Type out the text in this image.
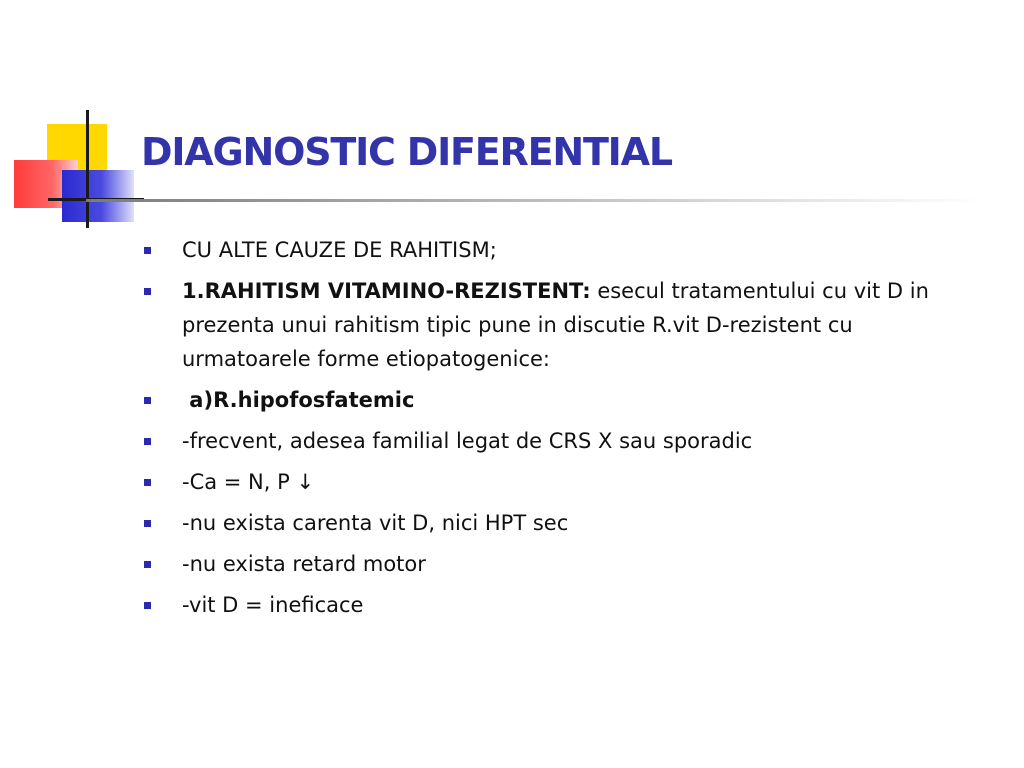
DIAGNOSTIC DIFERENTIAL
CU ALTE CAUZE DE RAHITISM;
1.RAHITISM VITAMINO-REZISTENT: esecul tratamentului cu vit D in prezenta unui rahitism tipic pune in discutie R.vit D-rezistent cu urmatoarele forme etiopatogenice:
a)R.hipofosfatemic
-frecvent, adesea familial legat de CRS X sau sporadic
-Ca = N, P ↓
-nu exista carenta vit D, nici HPT sec
-nu exista retard motor
-vit D = ineficace
